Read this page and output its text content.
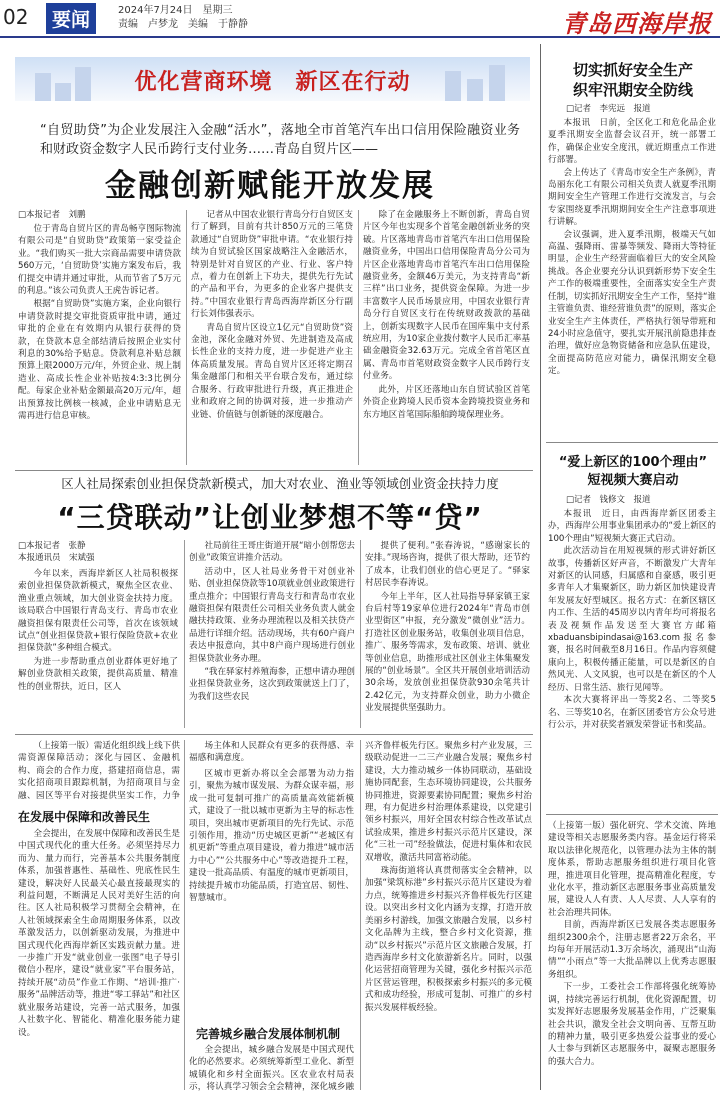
02	要闻	2024年7月24日　 星期三
责编　卢梦龙　 美编　于静静	青岛西海岸报
优化营商环境　新区在行动
“自贸助贷”为企业发展注入金融“活水”，落地全市首笔汽车出口信用保险融资业务和财政资金数字人民币跨行支付业务……青岛自贸片区——
金融创新赋能开放发展
□本报记者　刘鹏

位于青岛自贸片区的青岛畅亨图际物流有限公司是“自贸助贷”政策第一家受益企业。“我们购买一批大宗商品需要申请贷款560万元，‘自贸助贷’实施方案发布后，我们提交申请并通过审批，从而节省了5万元的利息。”该公司负责人王虎告诉记者。

根据“自贸助贷”实施方案，企业向银行申请贷款时提交审批资质审批申请，通过审批的企业在有效期内从银行获得的贷款，在贷款本息全部结清后按照企业实付利息的30%给予贴息。贷款利息补贴总额预算上限2000万元/年，外贸企业、规上制造业、高成长性企业补贴按4:3:3比例分配。每家企业补贴金额最高20万元/年，超出预算按比例核一核减，企业申请贴息无需再进行信息审核。

记者从中国农业银行青岛分行自贸区支行了解到，目前有共计850万元的三笔贷款通过“自贸助贷”审批申请。“农业银行持续为自贸试验区国家战略注入金融活水，特别是针对自贸区的产业、行业、客户特点，着力在创新上下功夫，提供先行先试的产品和平台，为更多的企业客户提供支持。”中国农业银行青岛西海岸新区分行副行长刘伟强表示。

青岛自贸片区设立1亿元“自贸助贷”资金池，深化金融对外贸、先进制造及高成长性企业的支持力度，进一步促进产业主体高质量发展。青岛自贸片区还将定期召集金融部门和相关平台联合发布，通过综合服务、行政审批进行升级，真正推进企业和政府之间的协调对接，进一步推动产业链、价值链与创新链的深度融合。

除了在金融服务上不断创新，青岛自贸片区今年也实现多个首笔金融创新业务的突破。片区落地青岛市首笔汽车出口信用保险融资业务，中国出口信用保险青岛分公司为片区企业落地青岛市首笔汽车出口信用保险融资业务，金额46万美元，为支持青岛“新三样”出口业务，提供资金保障。为进一步丰富数字人民币场景应用，中国农业银行青岛分行自贸区支行在传统财政拨款的基础上，创新实现数字人民币在国库集中支付系统应用，为10家企业拨付数字人民币汇率基础金融资金32.63万元。完成全省首笔区直属、青岛市首笔财政资金数字人民币跨行支付业务。

此外，片区还落地山东自贸试验区首笔外资企业跨境人民币资本金跨境投资业务和东方地区首笔国际船舶跨境保理业务。

区人社局探索创业担保贷款新模式，加大对农业、渔业等领域创业资金扶持力度
“三贷联动”让创业梦想不等“贷”
□本报记者　张静
本报通讯员　宋斌强

今年以来，西海岸新区人社局积极探索创业担保贷款新模式，聚焦全区农业、渔业重点领域，加大创业资金扶持力度。该局联合中国银行青岛支行、青岛市农业融资担保有限责任公司等，首次在该领域试点“创业担保贷款+银行保险贷款+农业担保贷款”多种组合模式。

为进一步帮助重点创业群体更好地了解创业贷款相关政策，提供高质量、精准性的创业帮扶，近日，区人

社局前往王哥庄街道开展“暗小创帮您去创业”政策宣讲推介活动。

活动中，区人社局业务骨干对创业补贴、创业担保贷款等10项就业创业政策进行重点推介；中国银行青岛支行和青岛市农业融资担保有限责任公司相关业务负责人就金融扶持政策、业务办理流程以及相关扶贷产品进行详细介绍。活动现场，共有60户商户表达申报意向，其中8户商户现场进行创业担保贷款业务办理。

“我在驿家村养殖海参，正想申请办理创业担保贷款业务，这次到政策就送上门了，为我们这些农民

提供了便利。”张春涛说，“感谢家长的安排。”现场咨询，提供了很大帮助，还节约了成本，让我们创业的信心更足了。“驿家村居民李春涛说。

今年上半年，区人社局指导驿家镇王家台后村等19家单位进行2024年“青岛市创业型街区”申报，充分激发“微创业”活力。打造社区创业服务站，收集创业项目信息，推广、服务等需求，发布政策、培训、就业等创业信息，助推形成社区创业主体集聚发展的“创业场景”。全区共开展创业培训活动30余场，发放创业担保贷款930余笔共计2.42亿元，为支持群众创业，助力小微企业发展提供坚强助力。

（上接第一版）需适化组织线上线下供需资源保障活动；深化与园区、金融机构、商会的合作力度，搭建招商信息，需实化招商项目跟踪机制，为招商项目与金融、园区等平台对接提供坚实工作，力争
在发展中保障和改善民生
全会提出，在发展中保障和改善民生是中国式现代化的重大任务。必须坚持尽力而为、量力而行，完善基本公共服务制度体系，加强普惠性、基础性、兜底性民生建设，解决好人民最关心最直接最现实的利益问题，不断满足人民对美好生活的向往。区人社局积极学习贯彻全会精神，在人社领域探索全生命周期服务体系，以改革激发活力，以创新驱动发展，为推进中国式现代化西海岸新区实践贡献力量。进一步推广开发“就业创业一张图”电子导引微信小程序，建设“就业家”平台服务站，持续开展“动员”作业工作期、“培训·推广·服务”品牌活动等，推进“零工驿站”和社区就业服务站建设，完善一站式服务，加强人社数字化、智能化、精准化服务能力建设。
场主体和人民群众有更多的获得感、幸福感和满意度。
区城市更新办将以全会部署为动力指引，聚焦为城市谋发展、为群众谋幸福，形成一批可复制可推广的高质量高效能新模式，建设了一批以城市更新为主导的标志性项目，突出城市更新项目的先行先试、示范引领作用，推动“历史城区更新”“老城区有机更新”等重点项目建设，着力推进“城市活力中心”“公共服务中心”等改造提升工程，建设一批高品质、有温度的城市更新项目，持续提升城市功能品质，打造宜居、韧性、智慧城市。
完善城乡融合发展体制机制
全会提出，城乡融合发展是中国式现代化的必然要求。必须统筹新型工业化、新型城镇化和乡村全面振兴。区农业农村局表示，将认真学习领会全会精神，深化城乡融

兴齐鲁样板先行区。聚焦乡村产业发展，三级联动促进一二三产业融合发展；聚焦乡村建设，大力推动城乡一体协同联动，基础设施协同配套，生态环境协同建设，公共服务协同推进，资源要素协同配置；聚焦乡村治理，有力促进乡村治理体系建设，以党建引领乡村振兴，用好全国农村综合性改革试点试验成果，推进乡村振兴示范片区建设，深化“三社一司”经验做法，促进村集体和农民双增收，激活共同富裕动能。

珠海街道将认真贯彻落实全会精神，以加强“梁筑标港”乡村振兴示范片区建设为着力点，统筹推进乡村振兴齐鲁样板先行区建设。以突出乡村文化内涵为支撑，打造开放美丽乡村游线，加强文旅融合发展，以乡村文化品牌为主线，整合乡村文化资源，推动“以乡村振兴”示范片区文旅融合发展，打造西海岸乡村文化旅游新名片。同时，以强化运营招商管理为关键，强化乡村振兴示范片区营运管理，积极探索乡村振兴的多元模式和成功经验，形成可复制、可推广的乡村振兴发展样板经验。

切实抓好安全生产
织牢汛期安全防线
□记者　李宪远　报道

本报讯　日前，全区化工和危化品企业夏季汛期安全监督会议召开，统一部署工作，确保企业安全度汛，就近期重点工作进行部署。

会上传达了《青岛市安全生产条例》，青岛丽东化工有限公司相关负责人就夏季汛期期间安全生产管理工作进行交流发言，与会专家围绕夏季汛期期间安全生产注意事项进行讲解。

会议强调，进入夏季汛期，极端天气如高温、强降雨、雷暴等频发、降雨大等特征明显，企业生产经营面临着巨大的安全风险挑战。各企业要充分认识到新形势下安全生产工作的极端重要性，全面落实安全生产责任制，切实抓好汛期安全生产工作，坚持“谁主管谁负责、谁经营谁负责”的原则，落实企业安全生产主体责任，严格执行领导带班和24小时应急值守，要扎实开展汛前隐患排查治理，做好应急物资储备和应急队伍建设，全面提高防范应对能力，确保汛期安全稳定。

“爱上新区的100个理由”
短视频大赛启动
□记者　钱修文　报道

本报讯　近日，由西海岸新区团委主办，西海岸公用事业集团承办的“爱上新区的100个理由”短视频大赛正式启动。

此次活动旨在用短视频的形式讲好新区故事，传播新区好声音，不断激发广大青年对新区的认同感，归属感和自豪感，吸引更多青年人才集聚新区，助力新区加快建设青年发展友好型城区。报名方式：在新区辖区内工作、生活的45周岁以内青年均可将报名表及视频作品发送至大赛官方邮箱xbaduansbipindasai@163.com报名参赛，报名时间截至8月16日。作品内容须健康向上，积极传播正能量，可以是新区的自然风光、人文风貌，也可以是在新区的个人经历、日常生活、旅行见闻等。

本次大赛将评出一等奖2名、二等奖5名、三等奖10名，在新区团委官方公众号进行公示，并对获奖者颁发荣誉证书和奖品。

（上接第一版）强化研究、学术交流、阵地建设等相关志愿服务类内容。基金运行将采取以法律化规范化，以管理办法为主体的制度体系，帮助志愿服务组织进行项目化管理，推进项目化管理，提高精准化程度，专业化水平，推动新区志愿服务事业高质量发展，建设人人有责、人人尽责、人人享有的社会治理共同体。

目前，西海岸新区已发展各类志愿服务组织2300余个，注册志愿者22万余名，平均每年开展活动1.3万余场次，涌现出“山海情”“小雨点”等一大批品牌以上优秀志愿服务组织。

下一步，工委社会工作部将强化统筹协调，持续完善运行机制，优化资源配置，切实发挥好志愿服务发展基金作用，广泛聚集社会共识，激发全社会文明向善、互帮互助的精神力量，吸引更多热爱公益事业的爱心人士参与到新区志愿服务中，凝聚志愿服务的强大合力。
